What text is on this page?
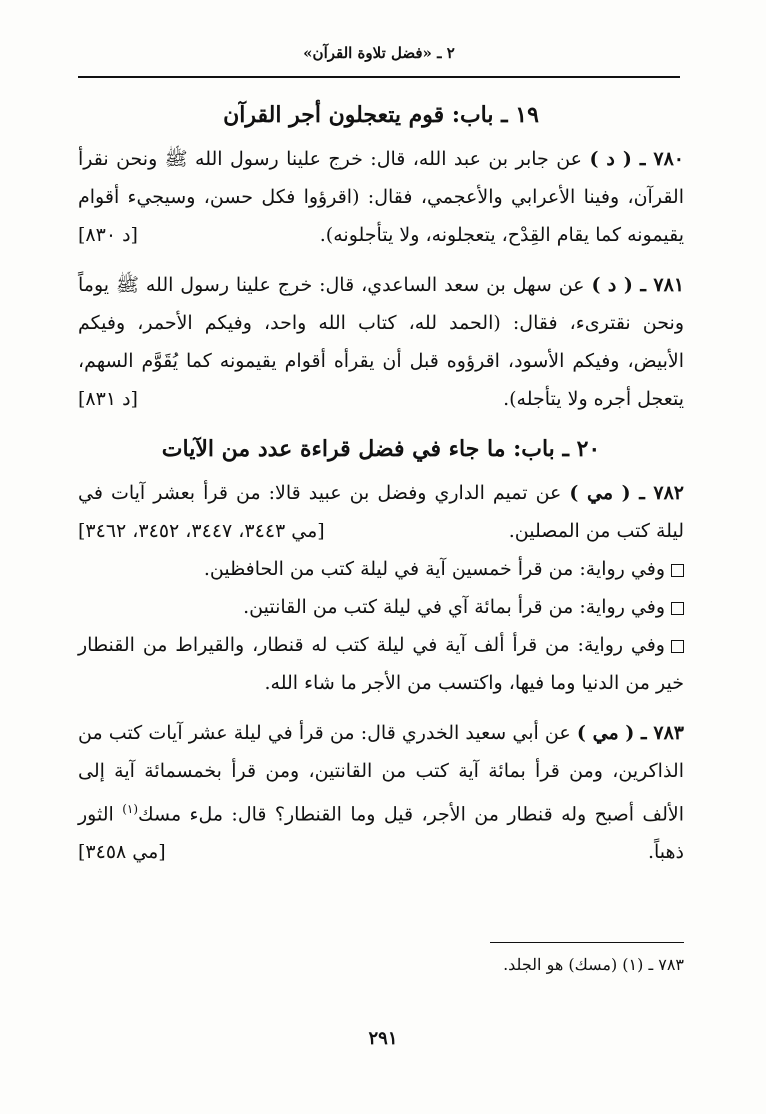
٢ ـ «فضل تلاوة القرآن»
١٩ ـ باب: قوم يتعجلون أجر القرآن

٧٨٠ ـ ( د ) عن جابر بن عبد الله، قال: خرج علينا رسول الله ﷺ ونحن نقرأ القرآن، وفينا الأعرابي والأعجمي، فقال: (اقرؤوا فكل حسن، وسيجيء أقوام يقيمونه كما يقام القِدْح، يتعجلونه، ولا يتأجلونه).
[د ٨٣٠]

٧٨١ ـ ( د ) عن سهل بن سعد الساعدي، قال: خرج علينا رسول الله ﷺ يوماً ونحن نقترىء، فقال: (الحمد لله، كتاب الله واحد، وفيكم الأحمر، وفيكم الأبيض، وفيكم الأسود، اقرؤوه قبل أن يقرأه أقوام يقيمونه كما يُقَوَّم السهم، يتعجل أجره ولا يتأجله).
[د ٨٣١]

٢٠ ـ باب: ما جاء في فضل قراءة عدد من الآيات

٧٨٢ ـ ( مي ) عن تميم الداري وفضل بن عبيد قالا: من قرأ بعشر آيات في ليلة كتب من المصلين.
[مي ٣٤٤٣، ٣٤٤٧، ٣٤٥٢، ٣٤٦٢]

وفي رواية: من قرأ خمسين آية في ليلة كتب من الحافظين.

وفي رواية: من قرأ بمائة آي في ليلة كتب من القانتين.

وفي رواية: من قرأ ألف آية في ليلة كتب له قنطار، والقيراط من القنطار خير من الدنيا وما فيها، واكتسب من الأجر ما شاء الله.

٧٨٣ ـ ( مي ) عن أبي سعيد الخدري قال: من قرأ في ليلة عشر آيات كتب من الذاكرين، ومن قرأ بمائة آية كتب من القانتين، ومن قرأ بخمسمائة آية إلى الألف أصبح وله قنطار من الأجر، قيل وما القنطار؟ قال: ملء مسك$^{(١)}$ الثور ذهباً.
[مي ٣٤٥٨]

٧٨٣ ـ (١) (مسك) هو الجلد.
٢٩١
